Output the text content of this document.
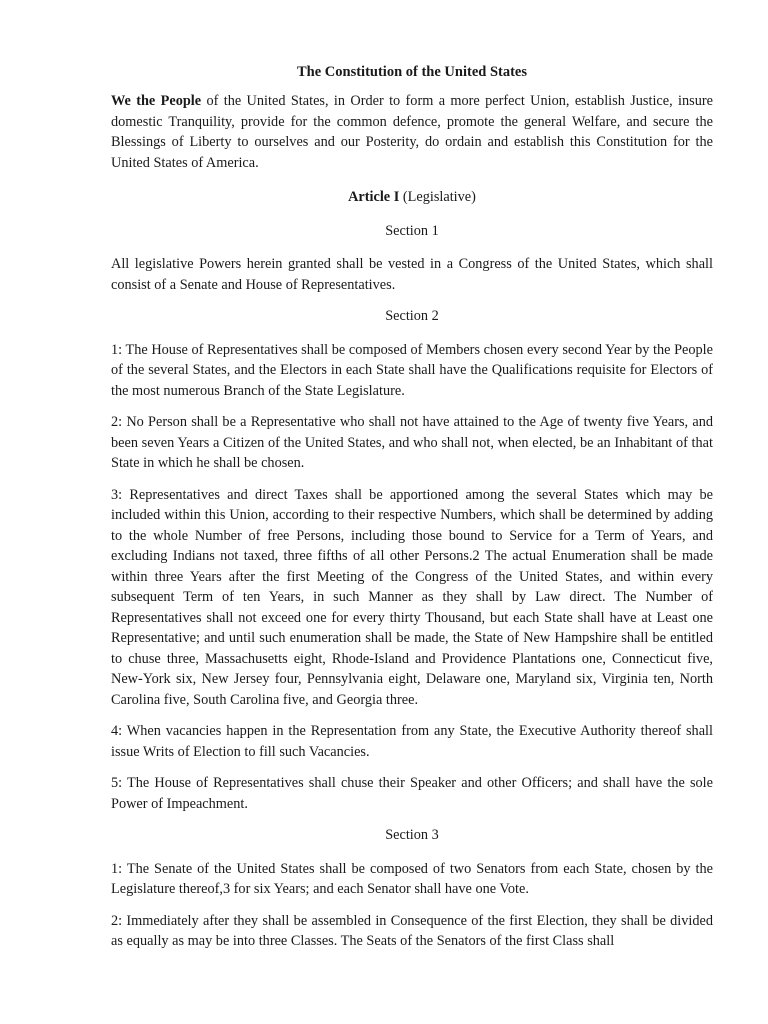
The Constitution of the United States

We the People of the United States, in Order to form a more perfect Union, establish Justice, insure domestic Tranquility, provide for the common defence, promote the general Welfare, and secure the Blessings of Liberty to ourselves and our Posterity, do ordain and establish this Constitution for the United States of America.

Article I (Legislative)

Section 1

All legislative Powers herein granted shall be vested in a Congress of the United States, which shall consist of a Senate and House of Representatives.

Section 2

1: The House of Representatives shall be composed of Members chosen every second Year by the People of the several States, and the Electors in each State shall have the Qualifications requisite for Electors of the most numerous Branch of the State Legislature.

2: No Person shall be a Representative who shall not have attained to the Age of twenty five Years, and been seven Years a Citizen of the United States, and who shall not, when elected, be an Inhabitant of that State in which he shall be chosen.

3: Representatives and direct Taxes shall be apportioned among the several States which may be included within this Union, according to their respective Numbers, which shall be determined by adding to the whole Number of free Persons, including those bound to Service for a Term of Years, and excluding Indians not taxed, three fifths of all other Persons.2 The actual Enumeration shall be made within three Years after the first Meeting of the Congress of the United States, and within every subsequent Term of ten Years, in such Manner as they shall by Law direct. The Number of Representatives shall not exceed one for every thirty Thousand, but each State shall have at Least one Representative; and until such enumeration shall be made, the State of New Hampshire shall be entitled to chuse three, Massachusetts eight, Rhode-Island and Providence Plantations one, Connecticut five, New-York six, New Jersey four, Pennsylvania eight, Delaware one, Maryland six, Virginia ten, North Carolina five, South Carolina five, and Georgia three.

4: When vacancies happen in the Representation from any State, the Executive Authority thereof shall issue Writs of Election to fill such Vacancies.

5: The House of Representatives shall chuse their Speaker and other Officers; and shall have the sole Power of Impeachment.

Section 3

1: The Senate of the United States shall be composed of two Senators from each State, chosen by the Legislature thereof,3 for six Years; and each Senator shall have one Vote.

2: Immediately after they shall be assembled in Consequence of the first Election, they shall be divided as equally as may be into three Classes. The Seats of the Senators of the first Class shall
